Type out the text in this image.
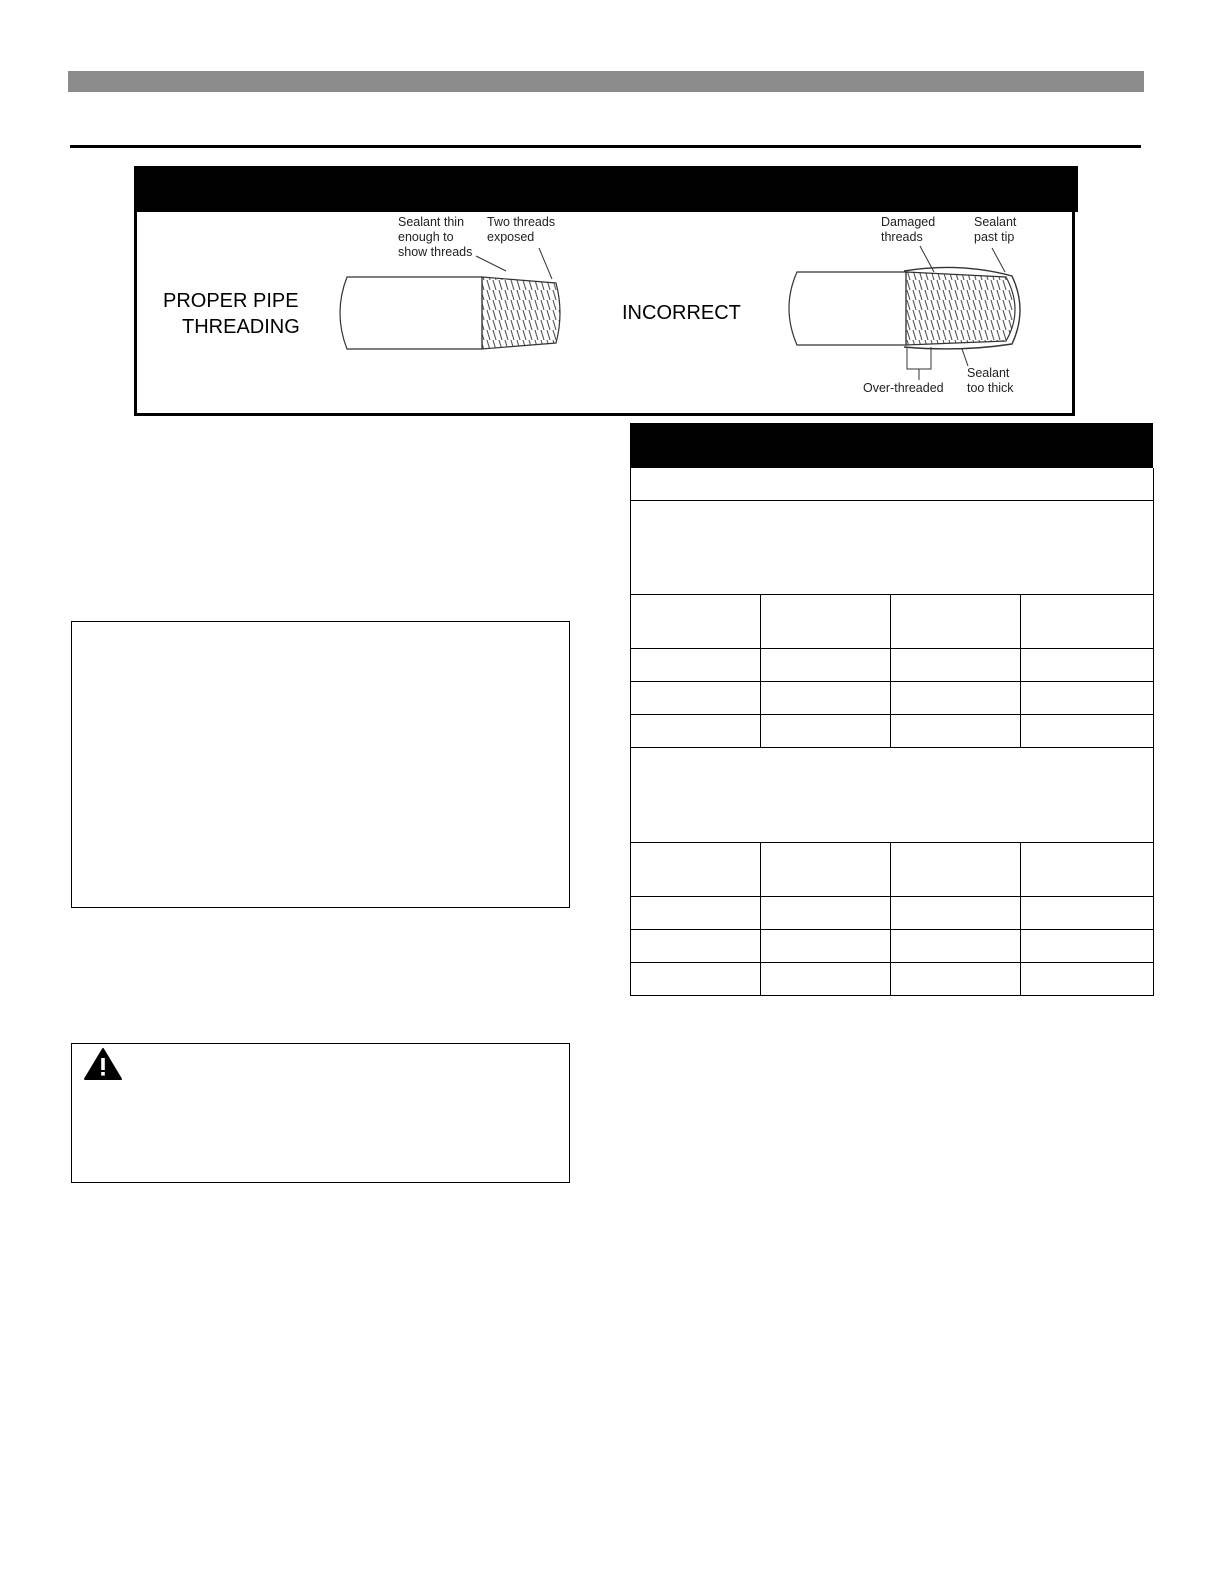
PROPER PIPE
THREADING
INCORRECT
Sealant thin
enough to
show threads
Two threads
exposed
Damaged
threads
Sealant
past tip
Over-threaded
Sealant
too thick
